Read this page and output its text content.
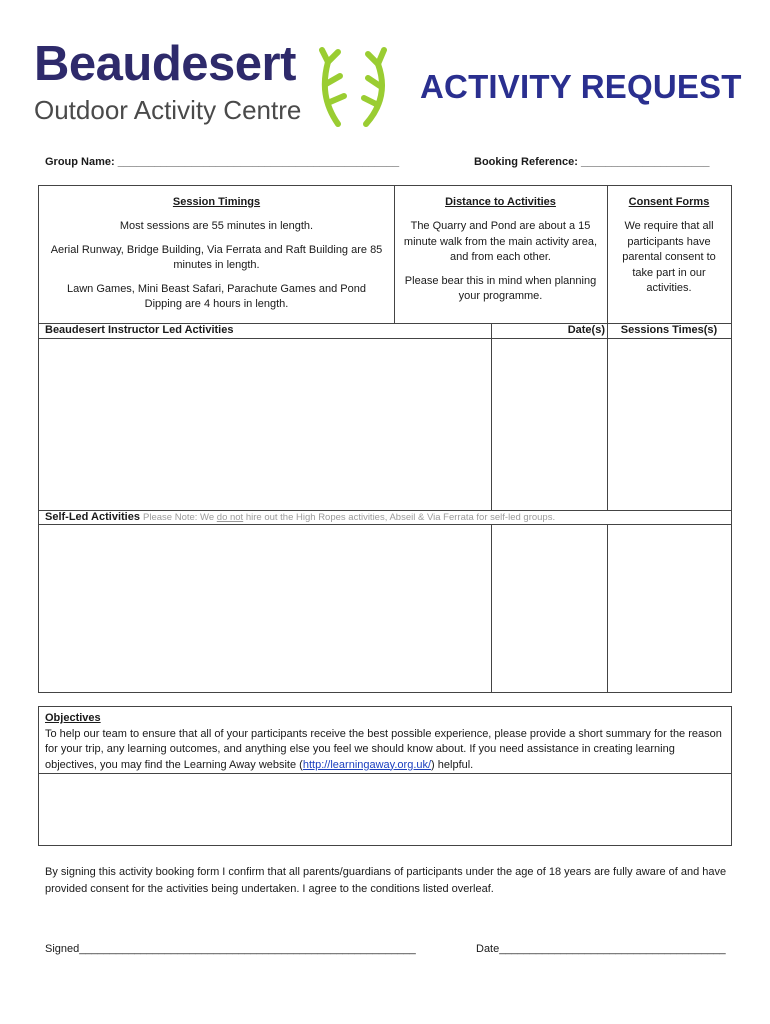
Beaudesert
Outdoor Activity Centre
ACTIVITY REQUEST
Group Name: ______________________________________________	Booking Reference: _____________________
Session Timings

Most sessions are 55 minutes in length.

Aerial Runway, Bridge Building, Via Ferrata and Raft Building are 85 minutes in length.

Lawn Games, Mini Beast Safari, Parachute Games and Pond Dipping are 4 hours in length.

Distance to Activities

The Quarry and Pond are about a 15 minute walk from the main activity area, and from each other.

Please bear this in mind when planning your programme.

Consent Forms
We require that all participants have parental consent to take part in our activities.
Beaudesert Instructor Led Activities	Date(s)	Sessions Times(s)
Self-Led Activities Please Note: We do not hire out the High Ropes activities, Abseil & Via Ferrata for self-led groups.
Objectives
To help our team to ensure that all of your participants receive the best possible experience, please provide a short summary for the reason for your trip, any learning outcomes, and anything else you feel we should know about. If you need assistance in creating learning objectives, you may find the Learning Away website (http://learningaway.org.uk/) helpful.
By signing this activity booking form I confirm that all parents/guardians of participants under the age of 18 years are fully aware of and have provided consent for the activities being undertaken. I agree to the conditions listed overleaf.
Signed_______________________________________________________	Date_____________________________________
